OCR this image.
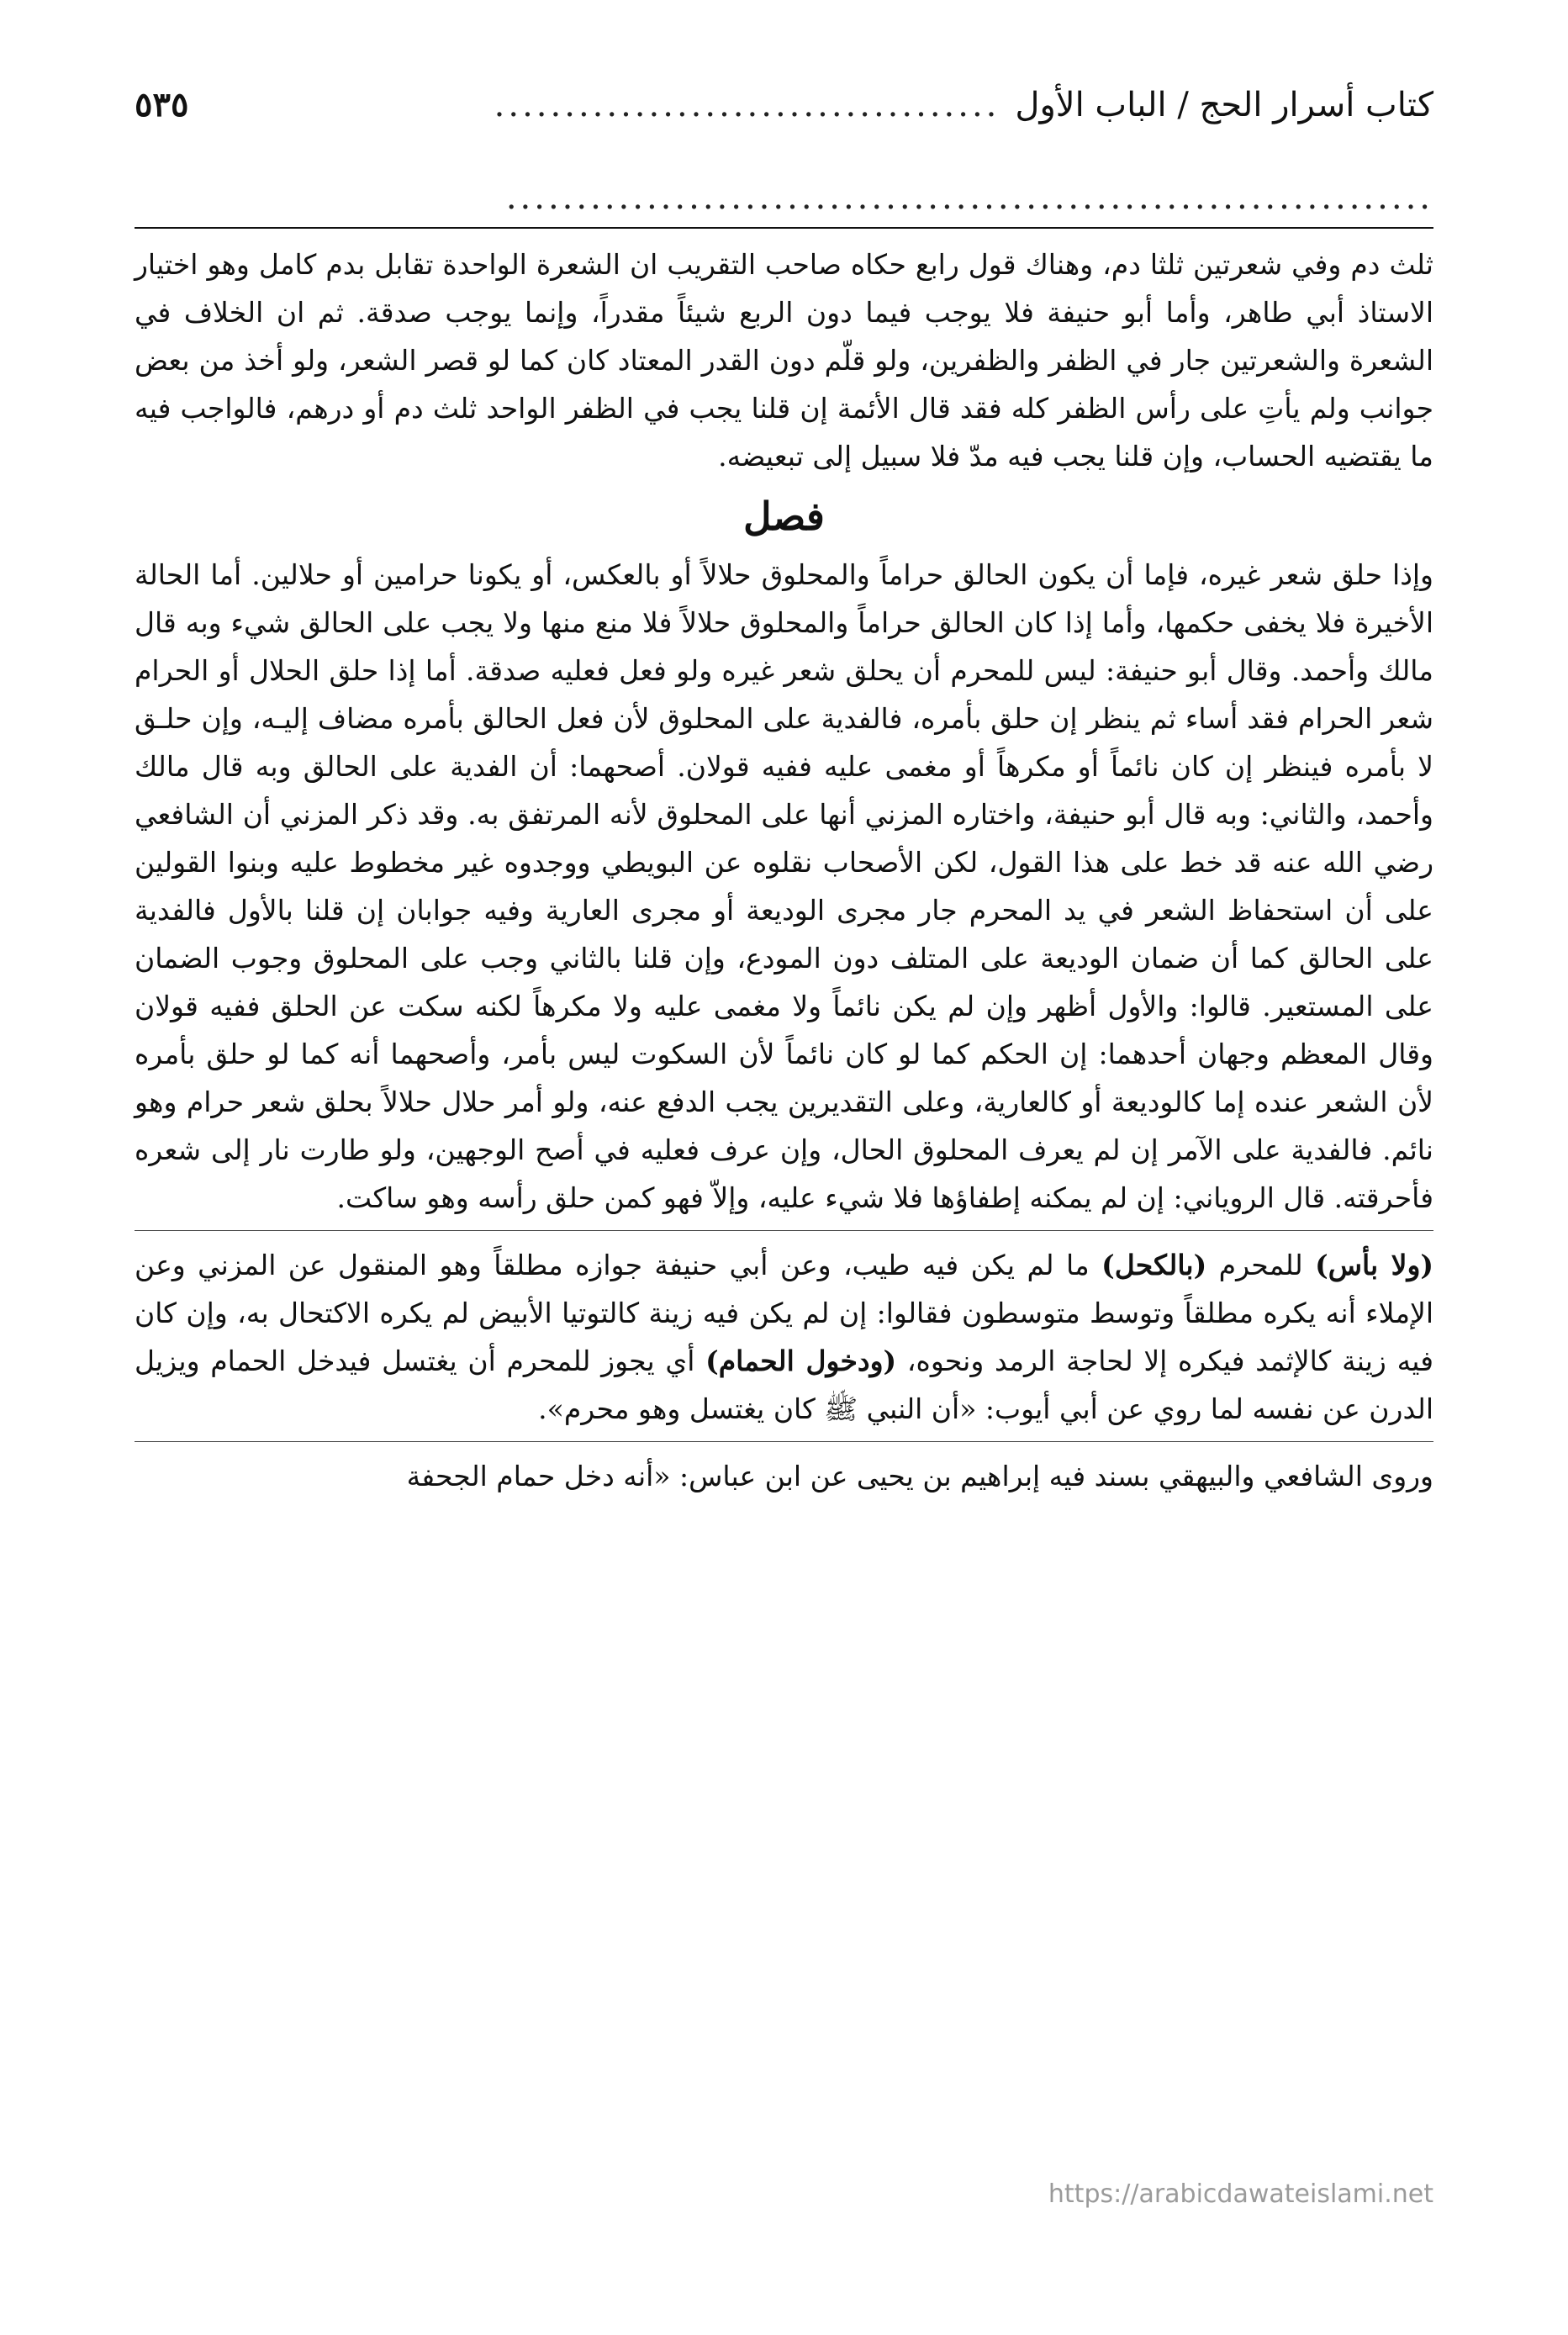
كتاب أسرار الحج / الباب الأول
....................................
٥٣٥
..................................................................

ثلث دم وفي شعرتين ثلثا دم، وهناك قول رابع حكاه صاحب التقريب ان الشعرة الواحدة تقابل بدم كامل وهو اختيار الاستاذ أبي طاهر، وأما أبو حنيفة فلا يوجب فيما دون الربع شيئاً مقدراً، وإنما يوجب صدقة. ثم ان الخلاف في الشعرة والشعرتين جار في الظفر والظفرين، ولو قلّم دون القدر المعتاد كان كما لو قصر الشعر، ولو أخذ من بعض جوانب ولم يأتِ على رأس الظفر كله فقد قال الأئمة إن قلنا يجب في الظفر الواحد ثلث دم أو درهم، فالواجب فيه ما يقتضيه الحساب، وإن قلنا يجب فيه مدّ فلا سبيل إلى تبعيضه.

فصل

وإذا حلق شعر غيره، فإما أن يكون الحالق حراماً والمحلوق حلالاً أو بالعكس، أو يكونا حرامين أو حلالين. أما الحالة الأخيرة فلا يخفى حكمها، وأما إذا كان الحالق حراماً والمحلوق حلالاً فلا منع منها ولا يجب على الحالق شيء وبه قال مالك وأحمد. وقال أبو حنيفة: ليس للمحرم أن يحلق شعر غيره ولو فعل فعليه صدقة. أما إذا حلق الحلال أو الحرام شعر الحرام فقد أساء ثم ينظر إن حلق بأمره، فالفدية على المحلوق لأن فعل الحالق بأمره مضاف إليـه، وإن حلـق لا بأمره فينظر إن كان نائماً أو مكرهاً أو مغمى عليه ففيه قولان. أصحهما: أن الفدية على الحالق وبه قال مالك وأحمد، والثاني: وبه قال أبو حنيفة، واختاره المزني أنها على المحلوق لأنه المرتفق به. وقد ذكر المزني أن الشافعي رضي الله عنه قد خط على هذا القول، لكن الأصحاب نقلوه عن البويطي ووجدوه غير مخطوط عليه وبنوا القولين على أن استحفاظ الشعر في يد المحرم جار مجرى الوديعة أو مجرى العارية وفيه جوابان إن قلنا بالأول فالفدية على الحالق كما أن ضمان الوديعة على المتلف دون المودع، وإن قلنا بالثاني وجب على المحلوق وجوب الضمان على المستعير. قالوا: والأول أظهر وإن لم يكن نائماً ولا مغمى عليه ولا مكرهاً لكنه سكت عن الحلق ففيه قولان وقال المعظم وجهان أحدهما: إن الحكم كما لو كان نائماً لأن السكوت ليس بأمر، وأصحهما أنه كما لو حلق بأمره لأن الشعر عنده إما كالوديعة أو كالعارية، وعلى التقديرين يجب الدفع عنه، ولو أمر حلال حلالاً بحلق شعر حرام وهو نائم. فالفدية على الآمر إن لم يعرف المحلوق الحال، وإن عرف فعليه في أصح الوجهين، ولو طارت نار إلى شعره فأحرقته. قال الروياني: إن لم يمكنه إطفاؤها فلا شيء عليه، وإلاّ فهو كمن حلق رأسه وهو ساكت.

(ولا بأس) للمحرم (بالكحل) ما لم يكن فيه طيب، وعن أبي حنيفة جوازه مطلقاً وهو المنقول عن المزني وعن الإملاء أنه يكره مطلقاً وتوسط متوسطون فقالوا: إن لم يكن فيه زينة كالتوتيا الأبيض لم يكره الاكتحال به، وإن كان فيه زينة كالإثمد فيكره إلا لحاجة الرمد ونحوه، (ودخول الحمام) أي يجوز للمحرم أن يغتسل فيدخل الحمام ويزيل الدرن عن نفسه لما روي عن أبي أيوب: «أن النبي ﷺ كان يغتسل وهو محرم».

وروى الشافعي والبيهقي بسند فيه إبراهيم بن يحيى عن ابن عباس: «أنه دخل حمام الجحفة

https://arabicdawateislami.net
